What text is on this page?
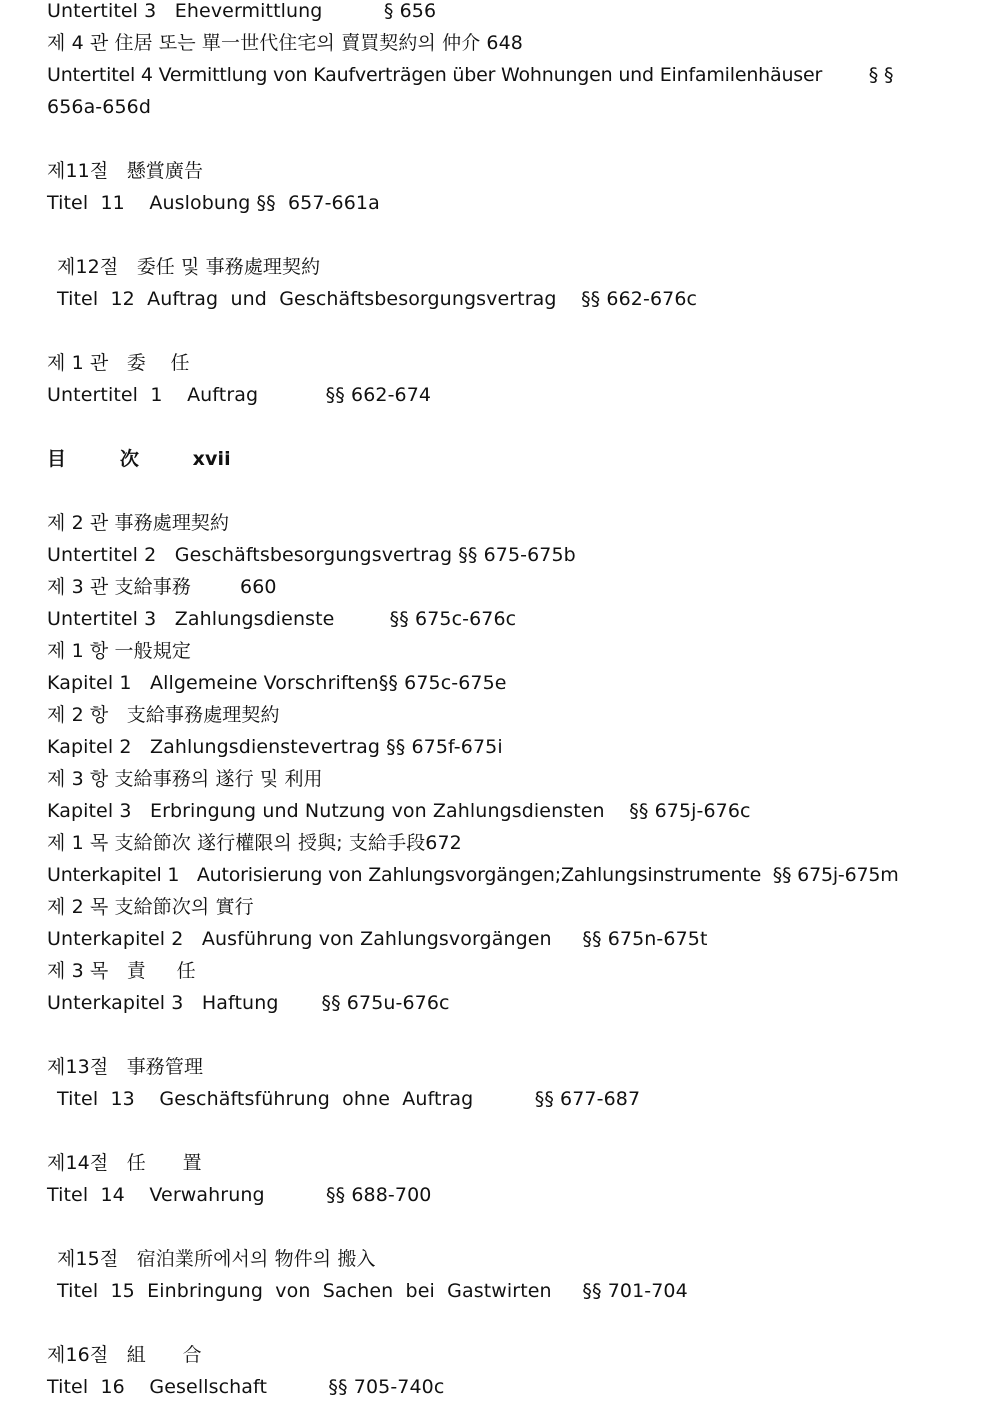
Untertitel 3   Ehevermittlung          § 656
제 4 관 住居 또는 單一世代住宅의 賣買契約의 仲介 648
Untertitel 4 Vermittlung von Kaufverträgen über Wohnungen und Einfamilenhäuser        § §
656a-656d
제11절   懸賞廣告
Titel  11    Auslobung §§  657-661a
제12절   委任 및 事務處理契約
Titel  12  Auftrag  und  Geschäftsbesorgungsvertrag    §§ 662-676c
제 1 관   委    任
Untertitel  1    Auftrag           §§ 662-674
目        次        xvii
제 2 관 事務處理契約
Untertitel 2   Geschäftsbesorgungsvertrag §§ 675-675b
제 3 관 支給事務        660
Untertitel 3   Zahlungsdienste         §§ 675c-676c
제 1 항 一般規定
Kapitel 1   Allgemeine Vorschriften§§ 675c-675e
제 2 항   支給事務處理契約
Kapitel 2   Zahlungsdienstevertrag §§ 675f-675i
제 3 항 支給事務의 遂行 및 利用
Kapitel 3   Erbringung und Nutzung von Zahlungsdiensten    §§ 675j-676c
제 1 목 支給節次 遂行權限의 授與; 支給手段672
Unterkapitel 1   Autorisierung von Zahlungsvorgängen;Zahlungsinstrumente  §§ 675j-675m
제 2 목 支給節次의 實行
Unterkapitel 2   Ausführung von Zahlungsvorgängen     §§ 675n-675t
제 3 목   責     任
Unterkapitel 3   Haftung       §§ 675u-676c
제13절   事務管理
Titel  13    Geschäftsführung  ohne  Auftrag          §§ 677-687
제14절   任      置
Titel  14    Verwahrung          §§ 688-700
제15절   宿泊業所에서의 物件의 搬入
Titel  15  Einbringung  von  Sachen  bei  Gastwirten     §§ 701-704
제16절   組      合
Titel  16    Gesellschaft          §§ 705-740c
